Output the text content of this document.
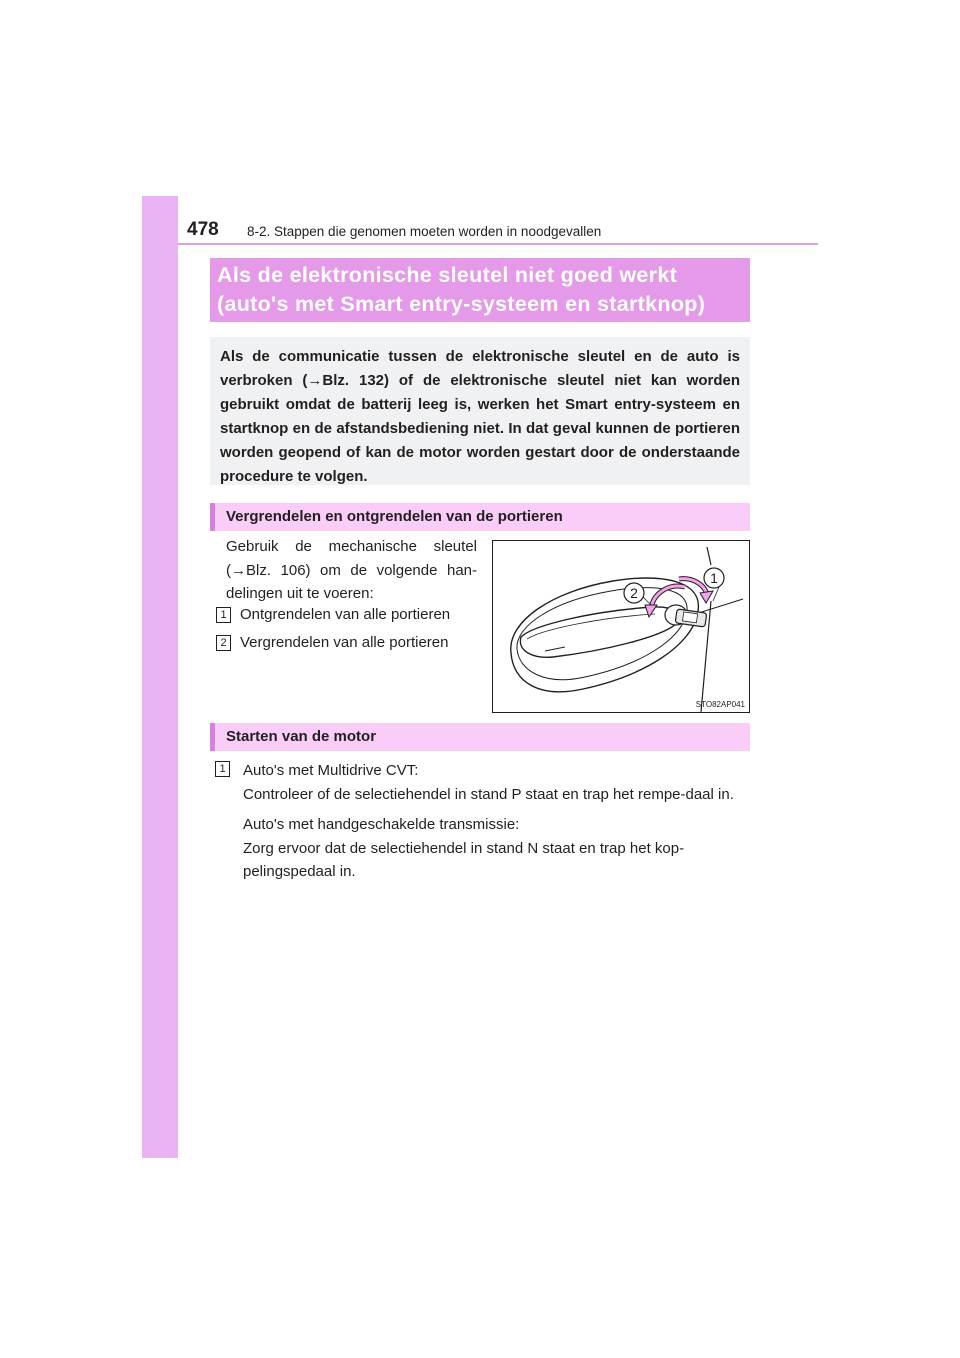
478 8-2. Stappen die genomen moeten worden in noodgevallen
Als de elektronische sleutel niet goed werkt
(auto's met Smart entry-systeem en startknop)
Als de communicatie tussen de elektronische sleutel en de auto is verbroken (→Blz. 132) of de elektronische sleutel niet kan worden gebruikt omdat de batterij leeg is, werken het Smart entry-systeem en startknop en de afstandsbediening niet. In dat geval kunnen de portieren worden geopend of kan de motor worden gestart door de onderstaande procedure te volgen.
Vergrendelen en ontgrendelen van de portieren
Gebruik de mechanische sleutel (→Blz. 106) om de volgende han-delingen uit te voeren:
1 Ontgrendelen van alle portieren
2 Vergrendelen van alle portieren
1
2
STO82AP041
Starten van de motor
1 Auto's met Multidrive CVT:
Controleer of de selectiehendel in stand P staat en trap het rempe-daal in.
Auto's met handgeschakelde transmissie:
Zorg ervoor dat de selectiehendel in stand N staat en trap het kop-pelingspedaal in.
